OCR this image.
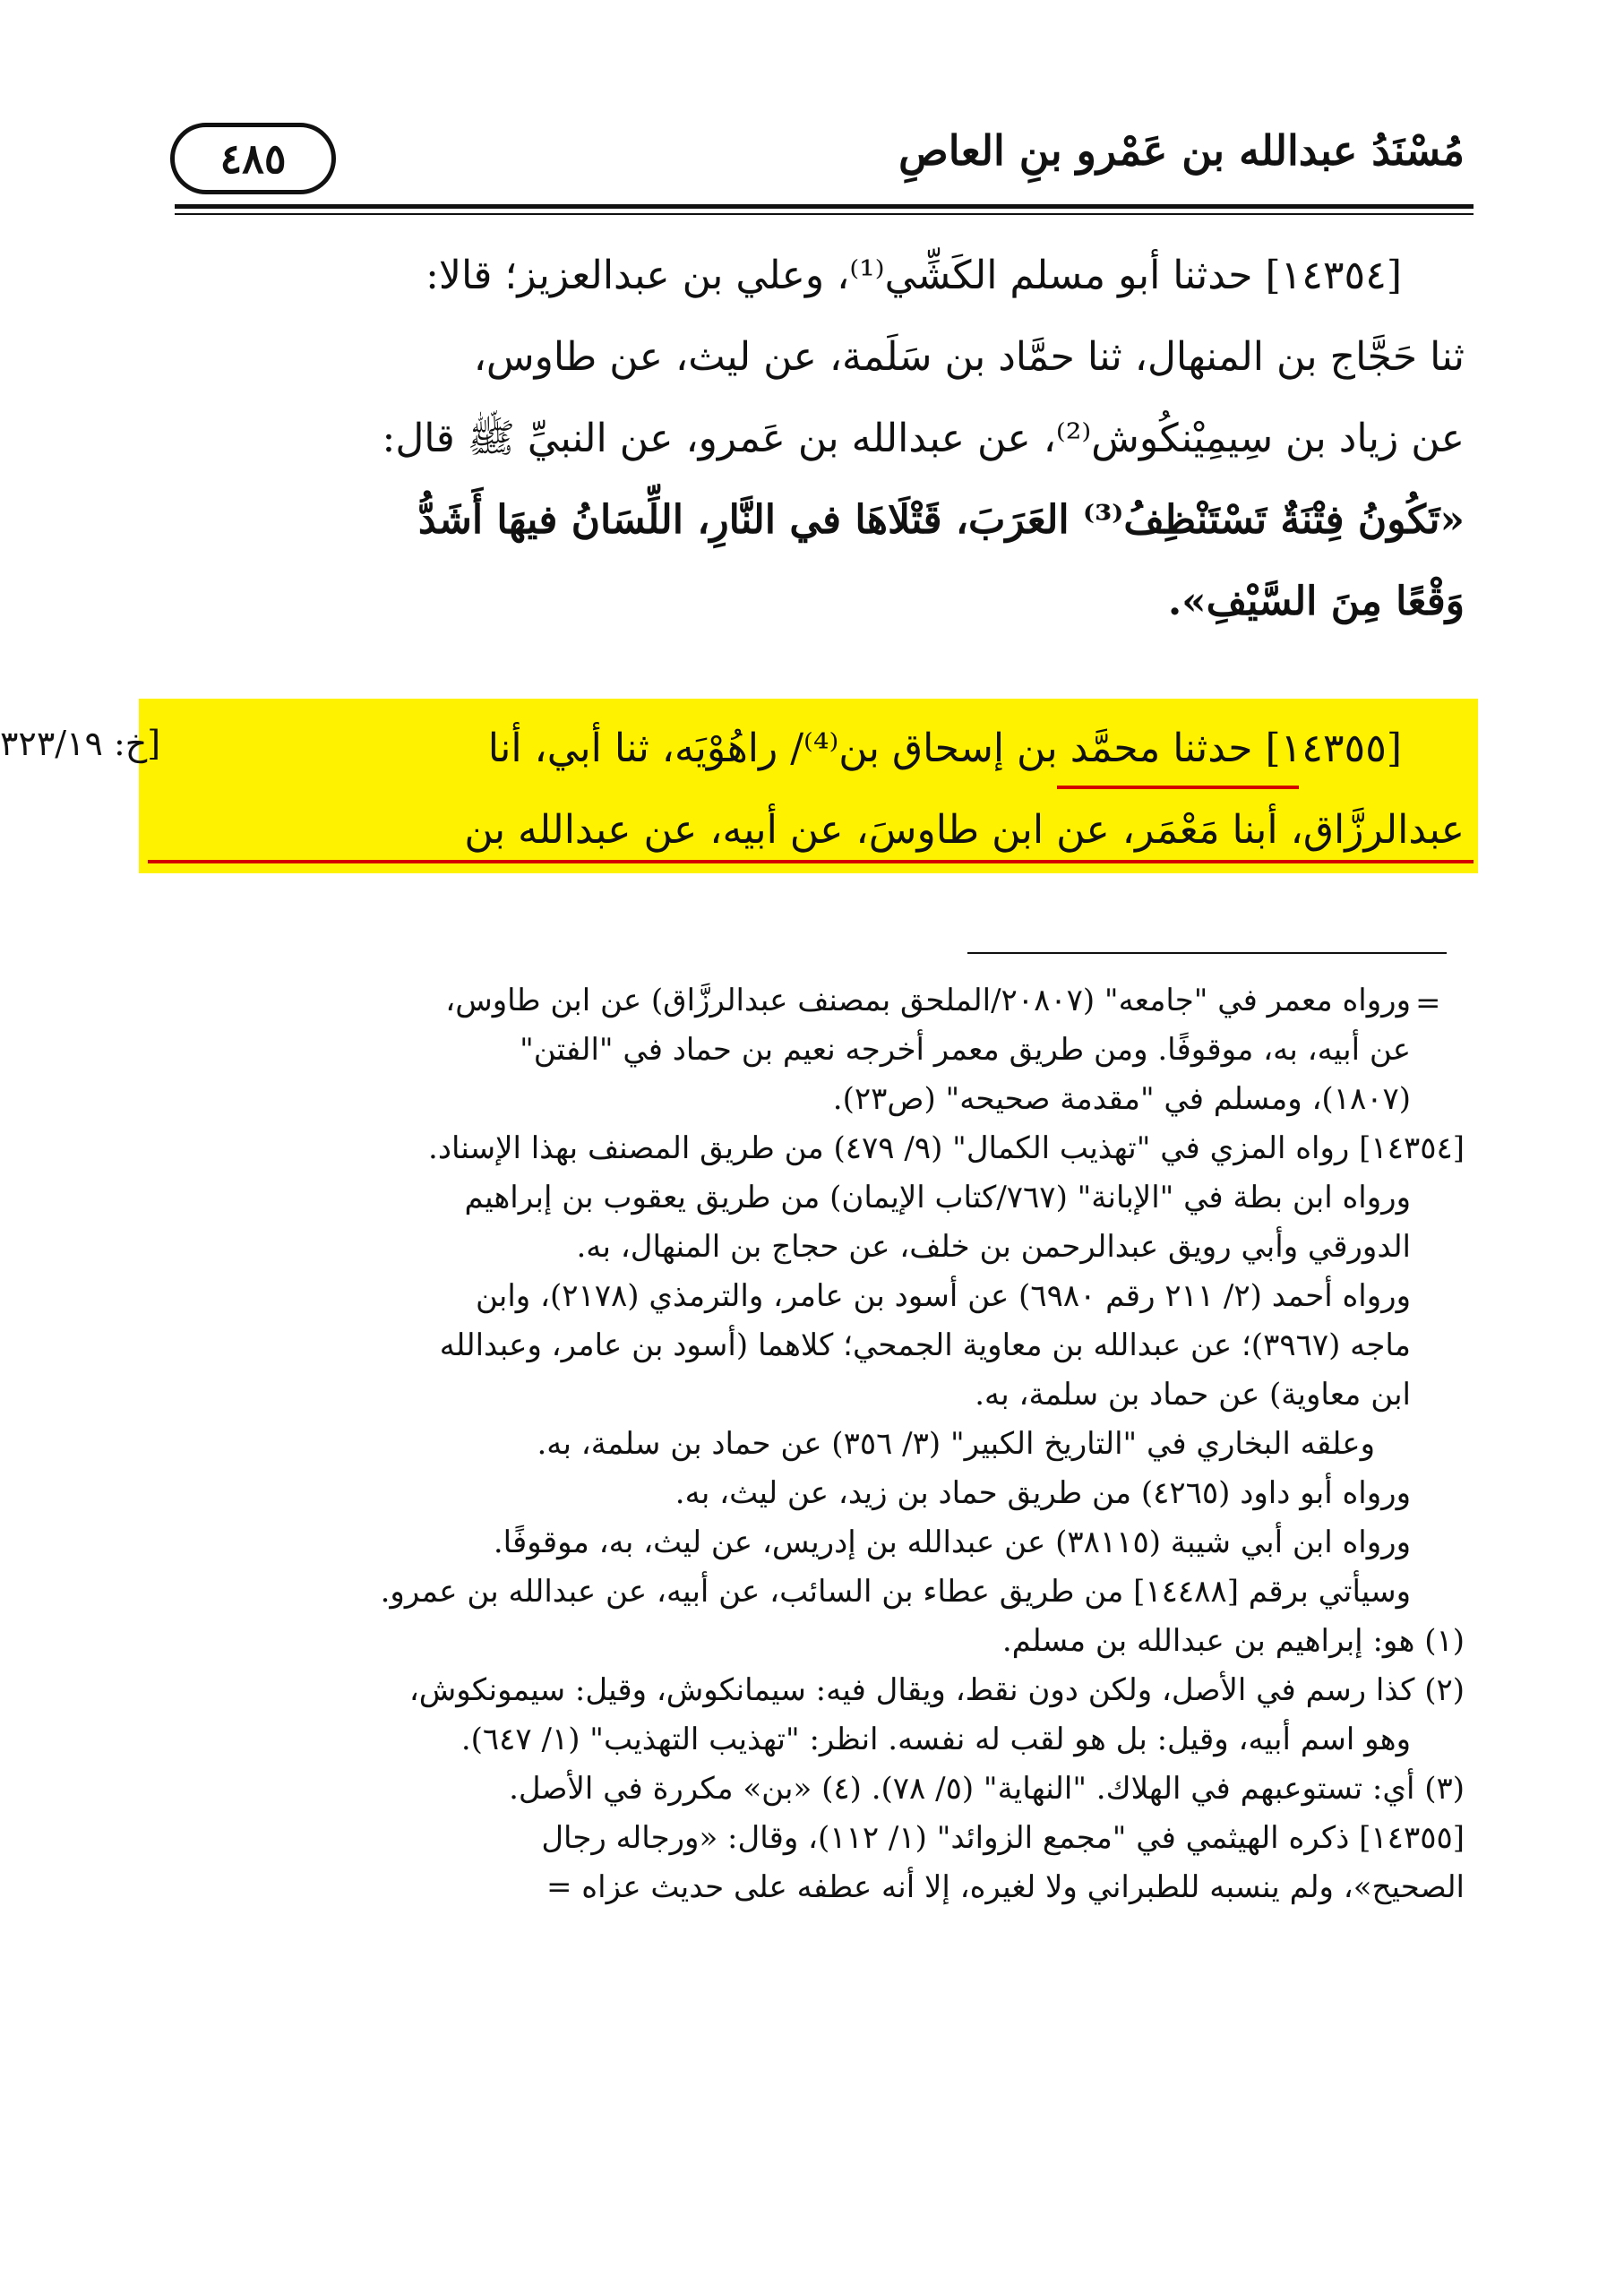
٤٨٥	مُسْنَدُ عبدالله بن عَمْرو بنِ العاصِ

[١٤٣٥٤] حدثنا أبو مسلم الكَشِّي⁽¹⁾، وعلي بن عبدالعزيز؛ قالا:

ثنا حَجَّاج بن المنهال، ثنا حمَّاد بن سَلَمة، عن ليث، عن طاوس،

عن زياد بن سِيمِيْنكُوش⁽²⁾، عن عبدالله بن عَمرو، عن النبيِّ ﷺ قال:

«تَكُونُ فِتْنَةٌ تَسْتَنْظِفُ⁽³⁾ العَرَبَ، قَتْلَاهَا في النَّارِ، اللِّسَانُ فيهَا أَشَدُّ

وَقْعًا مِنَ السَّيْفِ».

[١٤٣٥٥] حدثنا محمَّد بن إسحاق بن⁽⁴⁾/ راهُوْيَه، ثنا أبي، أنا

عبدالرزَّاق، أبنا مَعْمَر، عن ابن طاوسَ، عن أبيه، عن عبدالله بن

[خ: ٣٢٣/١٩
=

ورواه معمر في "جامعه" (٢٠٨٠٧/الملحق بمصنف عبدالرزَّاق) عن ابن طاوس،

عن أبيه، به، موقوفًا. ومن طريق معمر أخرجه نعيم بن حماد في "الفتن"

(١٨٠٧)، ومسلم في "مقدمة صحيحه" (ص٢٣).

[١٤٣٥٤] رواه المزي في "تهذيب الكمال" (٩/ ٤٧٩) من طريق المصنف بهذا الإسناد.

ورواه ابن بطة في "الإبانة" (٧٦٧/كتاب الإيمان) من طريق يعقوب بن إبراهيم

الدورقي وأبي رويق عبدالرحمن بن خلف، عن حجاج بن المنهال، به.

ورواه أحمد (٢/ ٢١١ رقم ٦٩٨٠) عن أسود بن عامر، والترمذي (٢١٧٨)، وابن

ماجه (٣٩٦٧)؛ عن عبدالله بن معاوية الجمحي؛ كلاهما (أسود بن عامر، وعبدالله

ابن معاوية) عن حماد بن سلمة، به.

وعلقه البخاري في "التاريخ الكبير" (٣/ ٣٥٦) عن حماد بن سلمة، به.

ورواه أبو داود (٤٢٦٥) من طريق حماد بن زيد، عن ليث، به.

ورواه ابن أبي شيبة (٣٨١١٥) عن عبدالله بن إدريس، عن ليث، به، موقوفًا.

وسيأتي برقم [١٤٤٨٨] من طريق عطاء بن السائب، عن أبيه، عن عبدالله بن عمرو.

(١) هو: إبراهيم بن عبدالله بن مسلم.

(٢) كذا رسم في الأصل، ولكن دون نقط، ويقال فيه: سيمانكوش، وقيل: سيمونكوش،

وهو اسم أبيه، وقيل: بل هو لقب له نفسه. انظر: "تهذيب التهذيب" (١/ ٦٤٧).

(٣) أي: تستوعبهم في الهلاك. "النهاية" (٥/ ٧٨). (٤) «بن» مكررة في الأصل.

[١٤٣٥٥] ذكره الهيثمي في "مجمع الزوائد" (١/ ١١٢)، وقال: «ورجاله رجال

الصحيح»، ولم ينسبه للطبراني ولا لغيره، إلا أنه عطفه على حديث عزاه =
